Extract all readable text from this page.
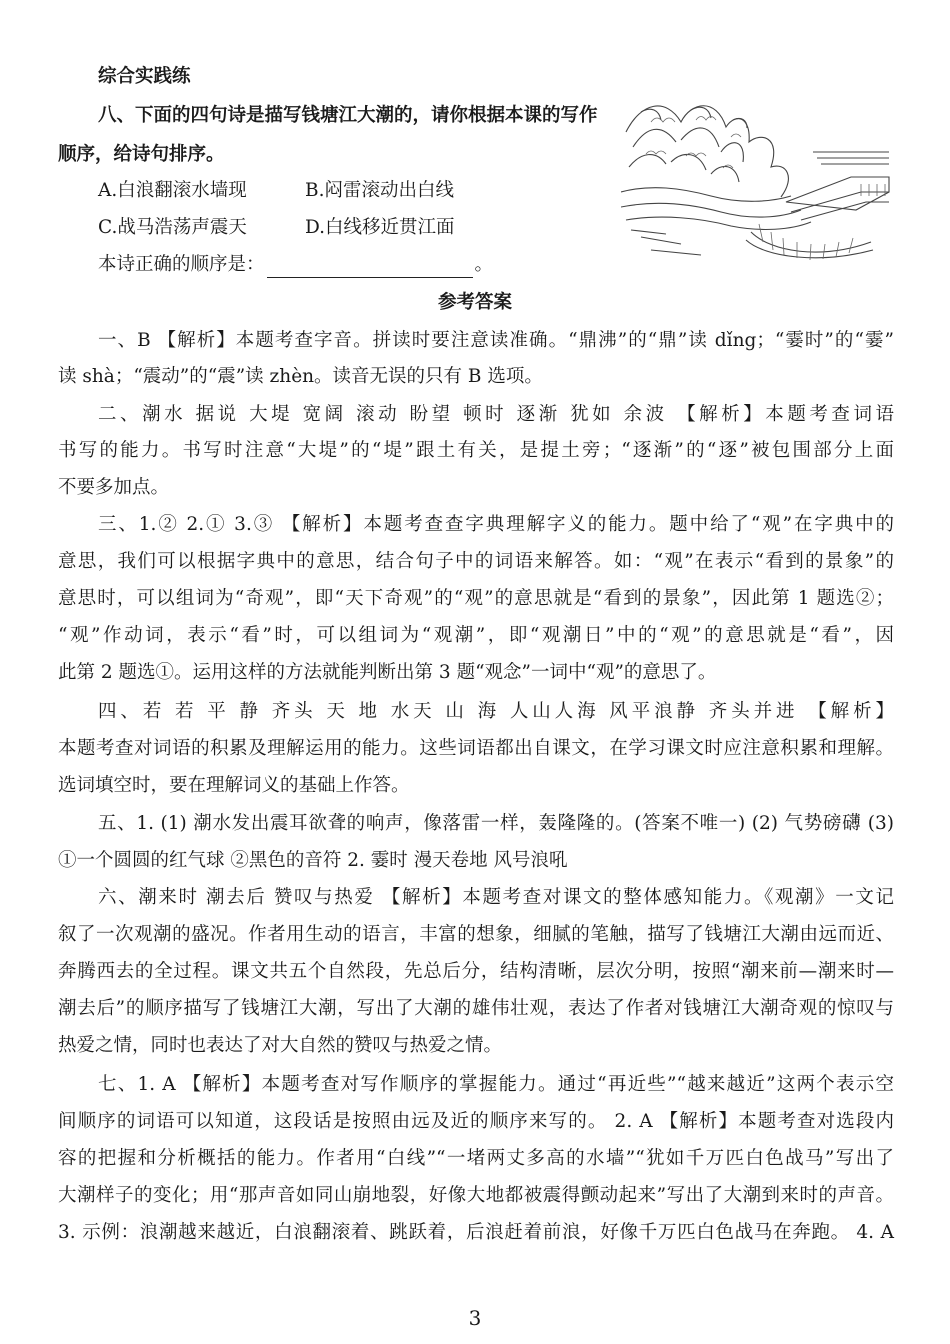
综合实践练
八、下面的四句诗是描写钱塘江大潮的，请你根据本课的写作
顺序，给诗句排序。
A.白浪翻滚水墙现	B.闷雷滚动出白线
C.战马浩荡声震天	D.白线移近贯江面
本诗正确的顺序是：	。
参考答案
一、B 【解析】本题考查字音。拼读时要注意读准确。“鼎沸”的“鼎”读 dǐng；“霎时”的“霎”
读 shà；“震动”的“震”读 zhèn。读音无误的只有 B 选项。
二、潮水 据说 大堤 宽阔 滚动 盼望 顿时 逐渐 犹如 余波 【解析】本题考查词语
书写的能力。书写时注意“大堤”的“堤”跟土有关，是提土旁；“逐渐”的“逐”被包围部分上面
不要多加点。
三、1.② 2.① 3.③ 【解析】本题考查查字典理解字义的能力。题中给了“观”在字典中的
意思，我们可以根据字典中的意思，结合句子中的词语来解答。如：“观”在表示“看到的景象”的
意思时，可以组词为“奇观”，即“天下奇观”的“观”的意思就是“看到的景象”，因此第 1 题选②；
“观”作动词，表示“看”时，可以组词为“观潮”，即“观潮日”中的“观”的意思就是“看”，因
此第 2 题选①。运用这样的方法就能判断出第 3 题“观念”一词中“观”的意思了。
四、若 若 平 静 齐头 天 地 水天 山 海 人山人海 风平浪静 齐头并进 【解析】
本题考查对词语的积累及理解运用的能力。这些词语都出自课文，在学习课文时应注意积累和理解。
选词填空时，要在理解词义的基础上作答。
五、1. (1) 潮水发出震耳欲聋的响声，像落雷一样，轰隆隆的。(答案不唯一) (2) 气势磅礴 (3)
①一个圆圆的红气球 ②黑色的音符 2. 霎时 漫天卷地 风号浪吼
六、潮来时 潮去后 赞叹与热爱 【解析】本题考查对课文的整体感知能力。《观潮》一文记
叙了一次观潮的盛况。作者用生动的语言，丰富的想象，细腻的笔触，描写了钱塘江大潮由远而近、
奔腾西去的全过程。课文共五个自然段，先总后分，结构清晰，层次分明，按照“潮来前—潮来时—
潮去后”的顺序描写了钱塘江大潮，写出了大潮的雄伟壮观，表达了作者对钱塘江大潮奇观的惊叹与
热爱之情，同时也表达了对大自然的赞叹与热爱之情。
七、1. A 【解析】本题考查对写作顺序的掌握能力。通过“再近些”“越来越近”这两个表示空
间顺序的词语可以知道，这段话是按照由远及近的顺序来写的。 2. A 【解析】本题考查对选段内
容的把握和分析概括的能力。作者用“白线”“一堵两丈多高的水墙”“犹如千万匹白色战马”写出了
大潮样子的变化；用“那声音如同山崩地裂，好像大地都被震得颤动起来”写出了大潮到来时的声音。
3. 示例：浪潮越来越近，白浪翻滚着、跳跃着，后浪赶着前浪，好像千万匹白色战马在奔跑。 4. A
3
